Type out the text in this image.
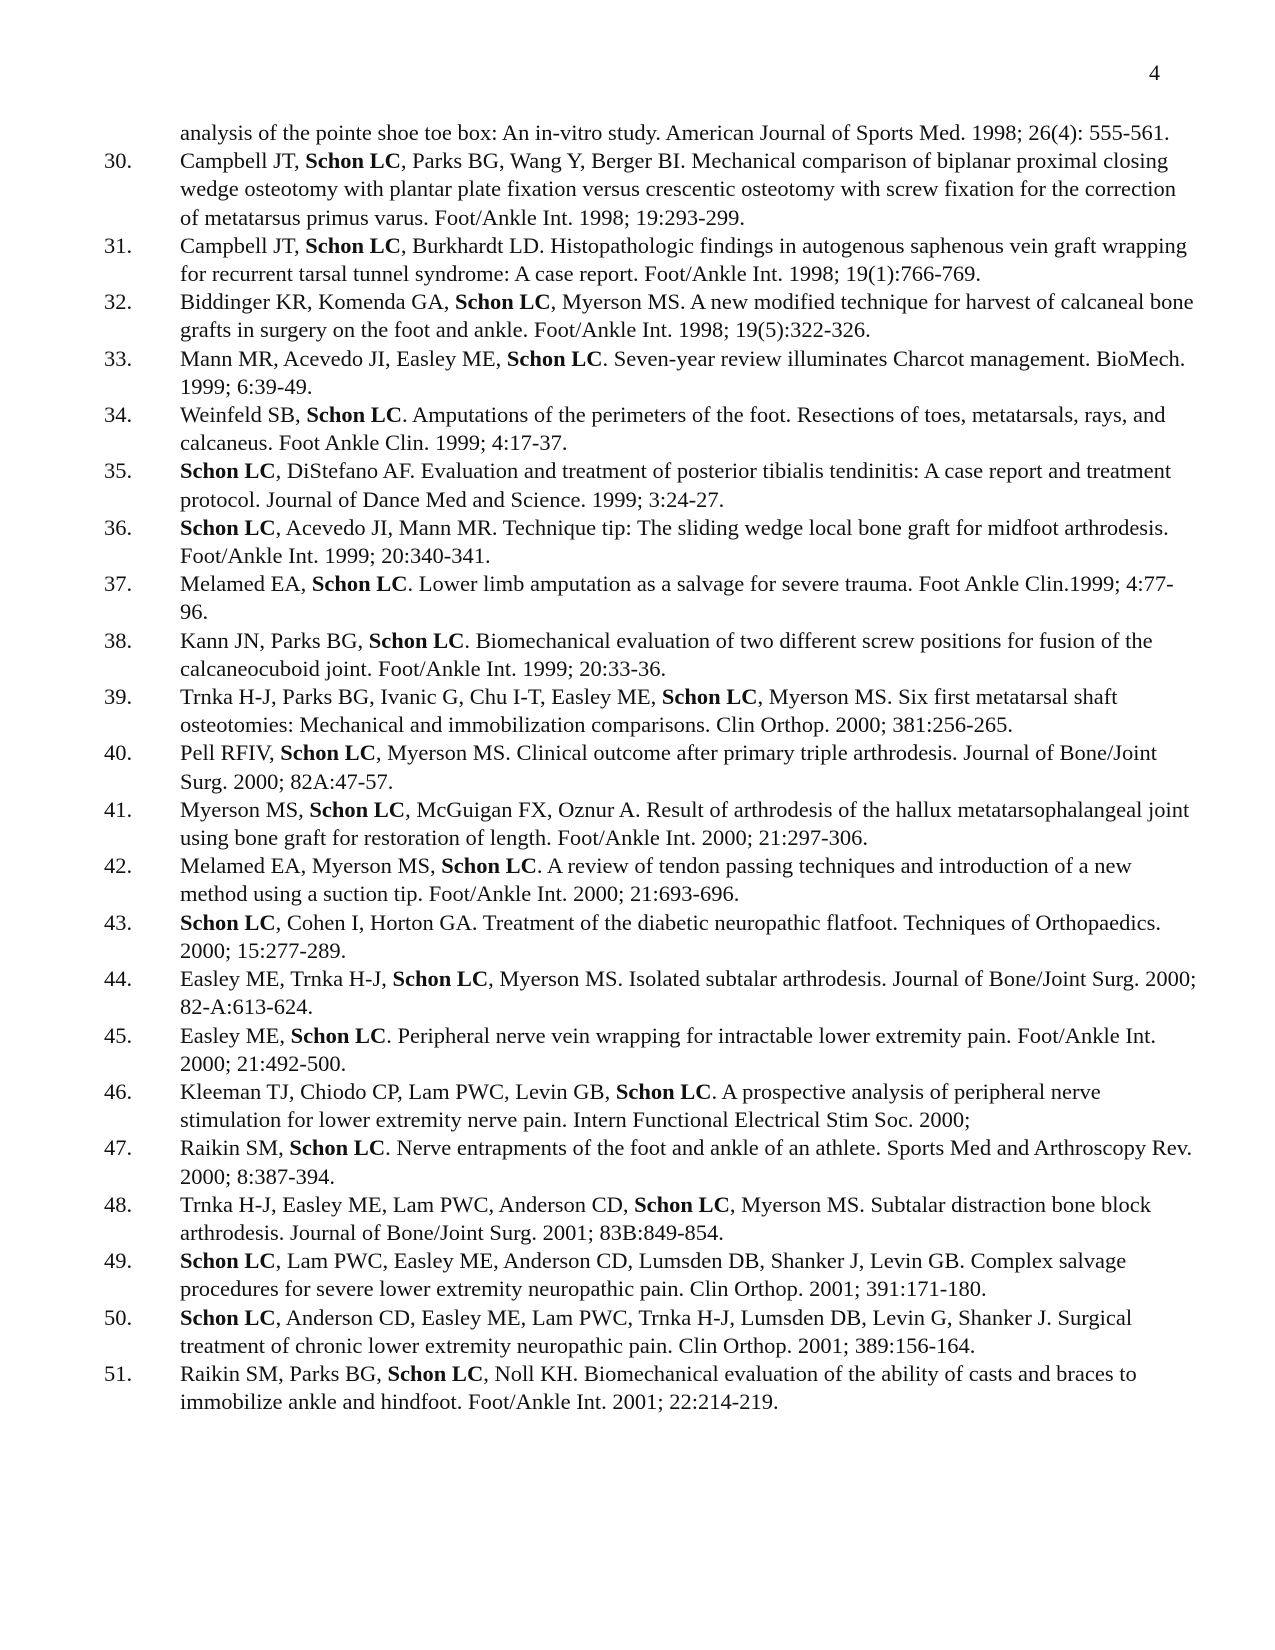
4
analysis of the pointe shoe toe box: An in-vitro study. American Journal of Sports Med. 1998; 26(4): 555-561.
30.	Campbell JT, Schon LC, Parks BG, Wang Y, Berger BI. Mechanical comparison of biplanar proximal closing wedge osteotomy with plantar plate fixation versus crescentic osteotomy with screw fixation for the correction of metatarsus primus varus. Foot/Ankle Int. 1998; 19:293-299.
31.	Campbell JT, Schon LC, Burkhardt LD. Histopathologic findings in autogenous saphenous vein graft wrapping for recurrent tarsal tunnel syndrome: A case report. Foot/Ankle Int. 1998; 19(1):766-769.
32.	Biddinger KR, Komenda GA, Schon LC, Myerson MS. A new modified technique for harvest of calcaneal bone grafts in surgery on the foot and ankle. Foot/Ankle Int. 1998; 19(5):322-326.
33.	Mann MR, Acevedo JI, Easley ME, Schon LC. Seven-year review illuminates Charcot management. BioMech. 1999; 6:39-49.
34.	Weinfeld SB, Schon LC. Amputations of the perimeters of the foot. Resections of toes, metatarsals, rays, and calcaneus. Foot Ankle Clin. 1999; 4:17-37.
35.	Schon LC, DiStefano AF. Evaluation and treatment of posterior tibialis tendinitis: A case report and treatment protocol. Journal of Dance Med and Science. 1999; 3:24-27.
36.	Schon LC, Acevedo JI, Mann MR. Technique tip: The sliding wedge local bone graft for midfoot arthrodesis. Foot/Ankle Int. 1999; 20:340-341.
37.	Melamed EA, Schon LC. Lower limb amputation as a salvage for severe trauma. Foot Ankle Clin.1999; 4:77-96.
38.	Kann JN, Parks BG, Schon LC. Biomechanical evaluation of two different screw positions for fusion of the calcaneocuboid joint. Foot/Ankle Int. 1999; 20:33-36.
39.	Trnka H-J, Parks BG, Ivanic G, Chu I-T, Easley ME, Schon LC, Myerson MS. Six first metatarsal shaft osteotomies: Mechanical and immobilization comparisons. Clin Orthop. 2000; 381:256-265.
40.	Pell RFIV, Schon LC, Myerson MS. Clinical outcome after primary triple arthrodesis. Journal of Bone/Joint Surg. 2000; 82A:47-57.
41.	Myerson MS, Schon LC, McGuigan FX, Oznur A. Result of arthrodesis of the hallux metatarsophalangeal joint using bone graft for restoration of length. Foot/Ankle Int. 2000; 21:297-306.
42.	Melamed EA, Myerson MS, Schon LC. A review of tendon passing techniques and introduction of a new method using a suction tip. Foot/Ankle Int. 2000; 21:693-696.
43.	Schon LC, Cohen I, Horton GA. Treatment of the diabetic neuropathic flatfoot. Techniques of Orthopaedics. 2000; 15:277-289.
44.	Easley ME, Trnka H-J, Schon LC, Myerson MS. Isolated subtalar arthrodesis. Journal of Bone/Joint Surg. 2000; 82-A:613-624.
45.	Easley ME, Schon LC. Peripheral nerve vein wrapping for intractable lower extremity pain. Foot/Ankle Int. 2000; 21:492-500.
46.	Kleeman TJ, Chiodo CP, Lam PWC, Levin GB, Schon LC. A prospective analysis of peripheral nerve stimulation for lower extremity nerve pain. Intern Functional Electrical Stim Soc. 2000;
47.	Raikin SM, Schon LC. Nerve entrapments of the foot and ankle of an athlete. Sports Med and Arthroscopy Rev. 2000; 8:387-394.
48.	Trnka H-J, Easley ME, Lam PWC, Anderson CD, Schon LC, Myerson MS. Subtalar distraction bone block arthrodesis. Journal of Bone/Joint Surg. 2001; 83B:849-854.
49.	Schon LC, Lam PWC, Easley ME, Anderson CD, Lumsden DB, Shanker J, Levin GB. Complex salvage procedures for severe lower extremity neuropathic pain. Clin Orthop. 2001; 391:171-180.
50.	Schon LC, Anderson CD, Easley ME, Lam PWC, Trnka H-J, Lumsden DB, Levin G, Shanker J. Surgical treatment of chronic lower extremity neuropathic pain. Clin Orthop. 2001; 389:156-164.
51.	Raikin SM, Parks BG, Schon LC, Noll KH. Biomechanical evaluation of the ability of casts and braces to immobilize ankle and hindfoot. Foot/Ankle Int. 2001; 22:214-219.
